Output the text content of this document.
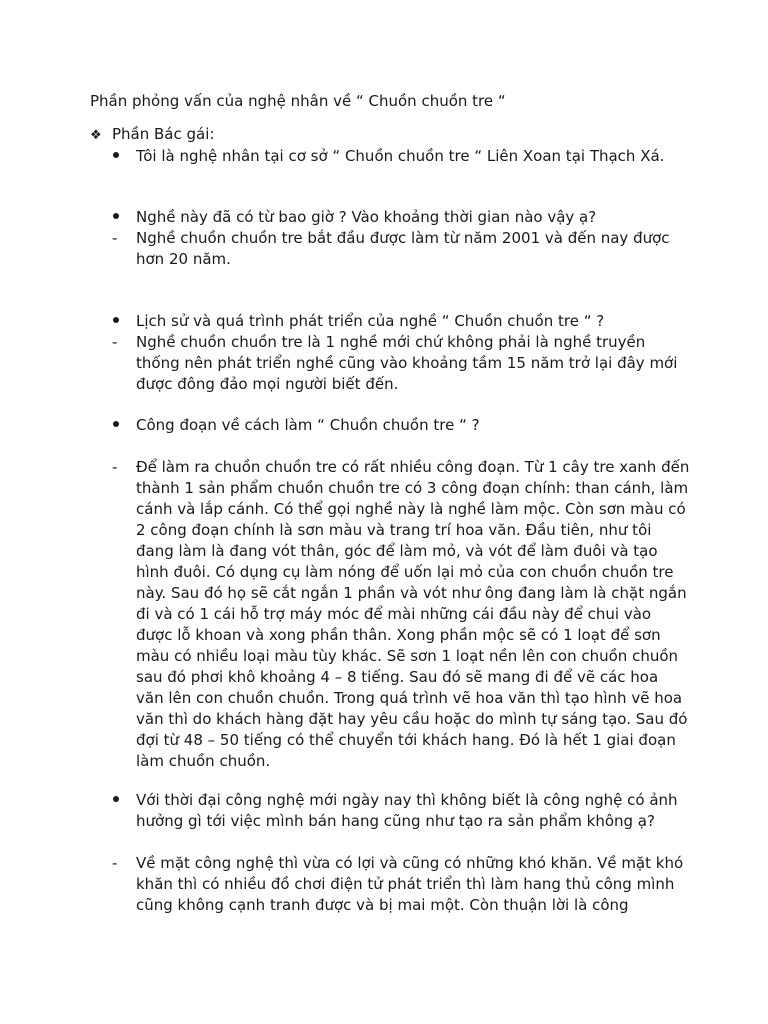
Phần phỏng vấn của nghệ nhân về “ Chuồn chuồn tre “
❖ Phần Bác gái:
Tôi là nghệ nhân tại cơ sở “ Chuồn chuồn tre “ Liên Xoan tại Thạch Xá.
Nghề này đã có từ bao giờ ? Vào khoảng thời gian nào vậy ạ?
-	Nghề chuồn chuồn tre bắt đầu được làm từ năm 2001 và đến nay được hơn 20 năm.
Lịch sử và quá trình phát triển của nghề “ Chuồn chuồn tre “ ?
-	Nghề chuồn chuồn tre là 1 nghề mới chứ không phải là nghề truyền thống nên phát triển nghề cũng vào khoảng tầm 15 năm trở lại đây mới được đông đảo mọi người biết đến.
Công đoạn về cách làm “ Chuồn chuồn tre “ ?
-	Để làm ra chuồn chuồn tre có rất nhiều công đoạn. Từ 1 cây tre xanh đến thành 1 sản phẩm chuồn chuồn tre có 3 công đoạn chính: than cánh, làm cánh và lắp cánh. Có thể gọi nghề này là nghề làm mộc. Còn sơn màu có 2 công đoạn chính là sơn màu và trang trí hoa văn. Đầu tiên, như tôi đang làm là đang vót thân, góc để làm mỏ, và vót để làm đuôi và tạo hình đuôi. Có dụng cụ làm nóng để uốn lại mỏ của con chuồn chuồn tre này. Sau đó họ sẽ cắt ngắn 1 phần và vót như ông đang làm là chặt ngắn đi và có 1 cái hỗ trợ máy móc để mài những cái đầu này để chui vào được lỗ khoan và xong phần thân. Xong phần mộc sẽ có 1 loạt để sơn màu có nhiều loại màu tùy khác. Sẽ sơn 1 loạt nền lên con chuồn chuồn sau đó phơi khô khoảng 4 – 8 tiếng. Sau đó sẽ mang đi để vẽ các hoa văn lên con chuồn chuồn. Trong quá trình vẽ hoa văn thì tạo hình vẽ hoa văn thì do khách hàng đặt hay yêu cầu hoặc do mình tự sáng tạo. Sau đó đợi từ 48 – 50 tiếng có thể chuyển tới khách hang. Đó là hết 1 giai đoạn làm chuồn chuồn.
Với thời đại công nghệ mới ngày nay thì không biết là công nghệ có ảnh hưởng gì tới việc mình bán hang cũng như tạo ra sản phẩm không ạ?
-	Về mặt công nghệ thì vừa có lợi và cũng có những khó khăn. Về mặt khó khăn thì có nhiều đồ chơi điện tử phát triển thì làm hang thủ công mình cũng không cạnh tranh được và bị mai một. Còn thuận lời là công
